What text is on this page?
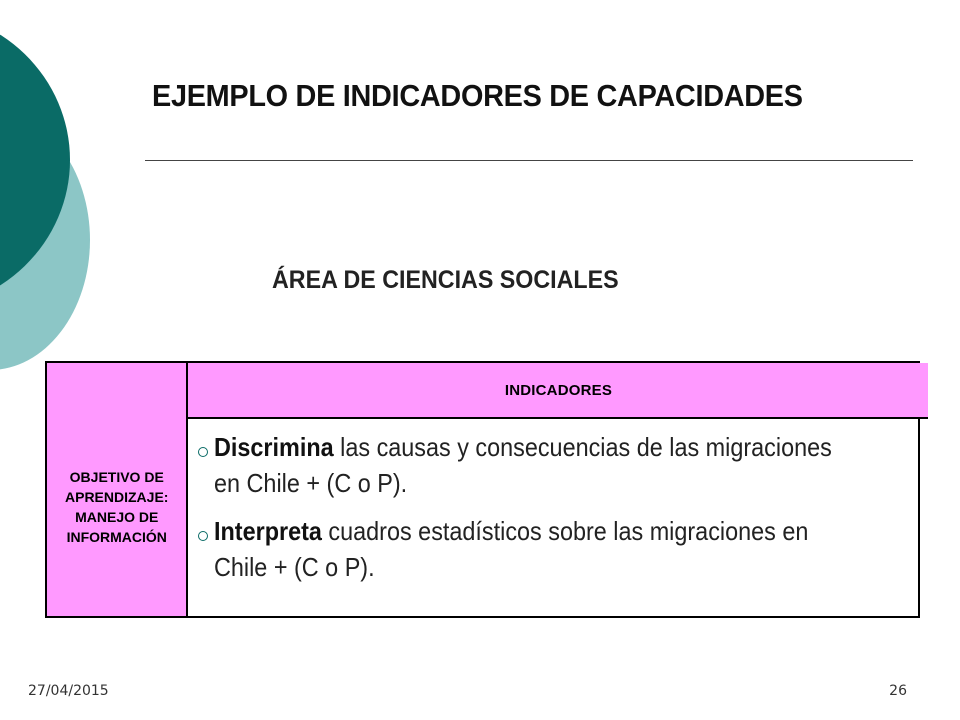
EJEMPLO DE INDICADORES DE CAPACIDADES
ÁREA DE CIENCIAS SOCIALES
OBJETIVO DE APRENDIZAJE: MANEJO DE INFORMACIÓN
INDICADORES
Discrimina las causas y consecuencias de las migraciones en Chile + (C o P).
Interpreta cuadros estadísticos sobre las migraciones en Chile + (C o P).
27/04/2015	26
